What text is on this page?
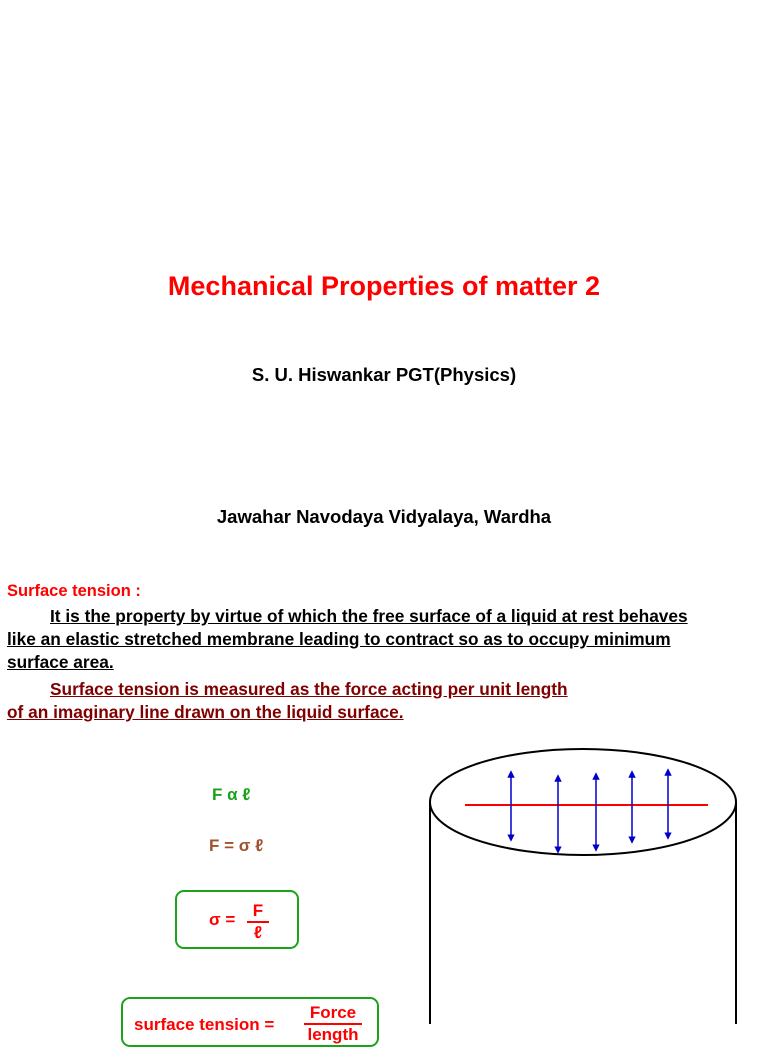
Mechanical Properties of matter 2
S. U. Hiswankar PGT(Physics)
Jawahar Navodaya Vidyalaya, Wardha
Surface tension :
It is the property by virtue of which the free surface of a liquid at rest behaves
like an elastic stretched membrane leading to contract so as to occupy minimum
surface area.
Surface tension is measured as the force acting per unit length
of an imaginary line drawn on the liquid surface.
F α ℓ
F = σ ℓ
σ = F
ℓ
surface tension =
Force
length
